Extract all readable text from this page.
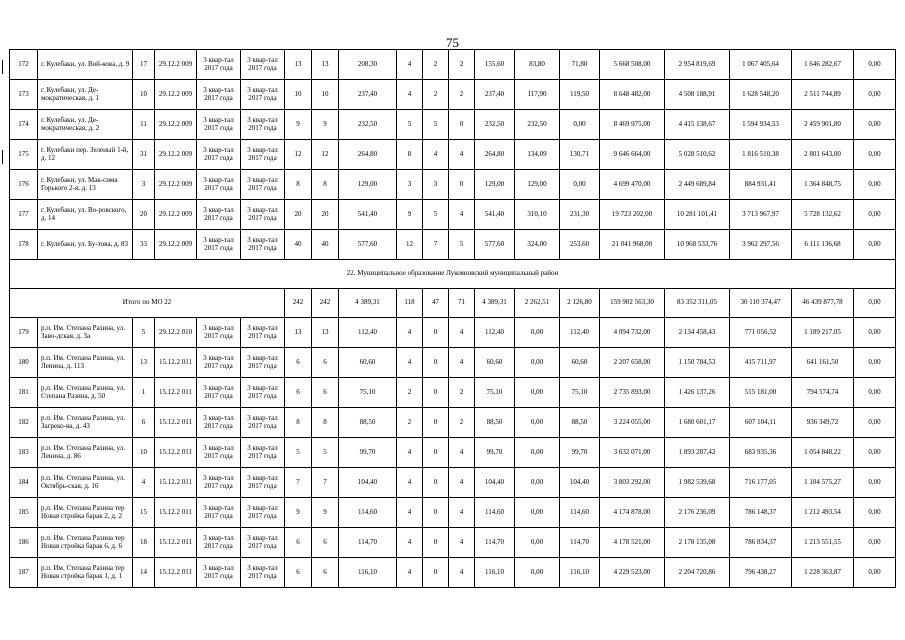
75
172	г. Кулебаки, ул. Вой-ковa, д. 9	17	29.12.2 009	3 квар-тал 2017 года	3 квар-тал 2017 года	13	13	208,30	4	2	2	155,60	83,80	71,80	5 668 508,00	2 954 819,69	1 067 405,64	1 646 282,67	0,00
173	г. Кулебаки, ул. Де-мократическая, д. 1	10	29.12.2 009	3 квар-тал 2017 года	3 квар-тал 2017 года	10	10	237,40	4	2	2	237,40	117,90	119,50	8 648 482,00	4 508 188,91	1 628 548,20	2 511 744,89	0,00
174	г. Кулебаки, ул. Де-мократическая, д. 2	11	29.12.2 009	3 квар-тал 2017 года	3 квар-тал 2017 года	9	9	232,50	5	5	0	232,50	232,50	0,00	8 469 975,00	4 415 138,67	1 594 934,53	2 459 901,80	0,00
175	г. Кулебаки пер. Зеленый 1-й, д. 12	31	29.12.2 009	3 квар-тал 2017 года	3 квар-тал 2017 года	12	12	264,80	8	4	4	264,80	134,09	130,71	9 646 664,00	5 028 510,62	1 816 510,38	2 801 643,00	0,00
176	г. Кулебаки, ул. Мак-сима Горького 2-я, д. 13	3	29.12.2 009	3 квар-тал 2017 года	3 квар-тал 2017 года	8	8	129,00	3	3	0	129,00	129,00	0,00	4 699 470,00	2 449 689,84	884 931,41	1 364 848,75	0,00
177	г. Кулебаки, ул. Во-ровского, д. 14	20	29.12.2 009	3 квар-тал 2017 года	3 квар-тал 2017 года	20	20	541,40	9	5	4	541,40	310,10	231,30	19 723 202,00	10 281 101,41	3 713 967,97	5 728 132,62	0,00
178	г. Кулебаки, ул. Бу-това, д. 83	33	29.12.2 009	3 квар-тал 2017 года	3 квар-тал 2017 года	40	40	577,60	12	7	5	577,60	324,00	253,60	21 041 968,00	10 968 533,76	3 962 297,56	6 111 136,68	0,00
22. Муниципальное образование Лукояновский муниципальный район																			
Итого по МО 22						242	242	4 389,31	118	47	71	4 389,31	2 262,51	2 126,80	159 902 563,30	83 352 311,05	30 110 374,47	46 439 877,78	0,00
179	р.п. Им. Степана Разина, ул. Заво-дская, д. 3а	5	29.12.2 010	3 квар-тал 2017 года	3 квар-тал 2017 года	13	13	112,40	4	0	4	112,40	0,00	112,40	4 094 732,00	2 134 458,43	771 056,52	1 189 217,05	0,00
180	р.п. Им. Степана Разина, ул. Ленина, д. 113	13	15.12.2 011	3 квар-тал 2017 года	3 квар-тал 2017 года	6	6	60,60	4	0	4	60,60	0,00	60,60	2 207 658,00	1 150 784,53	415 711,97	641 161,50	0,00
181	р.п. Им. Степана Разина, ул. Степана Разина, д. 50	1	15.12.2 011	3 квар-тал 2017 года	3 квар-тал 2017 года	6	6	75,10	2	0	2	75,10	0,00	75,10	2 735 893,00	1 426 137,26	515 181,00	794 574,74	0,00
182	р.п. Им. Степана Разина, ул. Загреко-ва, д. 43	6	15.12.2 011	3 квар-тал 2017 года	3 квар-тал 2017 года	8	8	88,50	2	0	2	88,50	0,00	88,50	3 224 055,00	1 680 601,17	607 104,11	936 349,72	0,00
183	р.п. Им. Степана Разина, ул. Ленина, д. 86	10	15.12.2 011	3 квар-тал 2017 года	3 квар-тал 2017 года	5	5	99,70	4	0	4	99,70	0,00	99,70	3 632 071,00	1 893 287,42	683 935,36	1 054 848,22	0,00
184	р.п. Им. Степана Разина, ул. Октябрь-ская, д. 16	4	15.12.2 011	3 квар-тал 2017 года	3 квар-тал 2017 года	7	7	104,40	4	0	4	104,40	0,00	104,40	3 803 292,00	1 982 539,68	716 177,05	1 104 575,27	0,00
185	р.п. Им. Степана Разина тер Новая стройка барак 2, д. 2	15	15.12.2 011	3 квар-тал 2017 года	3 квар-тал 2017 года	9	9	114,60	4	0	4	114,60	0,00	114,60	4 174 878,00	2 176 236,09	786 148,37	1 212 493,54	0,00
186	р.п. Им. Степана Разина тер Новая стройка барак 6, д. 6	18	15.12.2 011	3 квар-тал 2017 года	3 квар-тал 2017 года	6	6	114,70	4	0	4	114,70	0,00	114,70	4 178 521,00	2 178 135,08	786 834,37	1 213 551,55	0,00
187	р.п. Им. Степана Разина тер Новая стройка барак 1, д. 1	14	15.12.2 011	3 квар-тал 2017 года	3 квар-тал 2017 года	6	6	116,10	4	0	4	116,10	0,00	116,10	4 229 523,00	2 204 720,86	796 438,27	1 228 363,87	0,00
